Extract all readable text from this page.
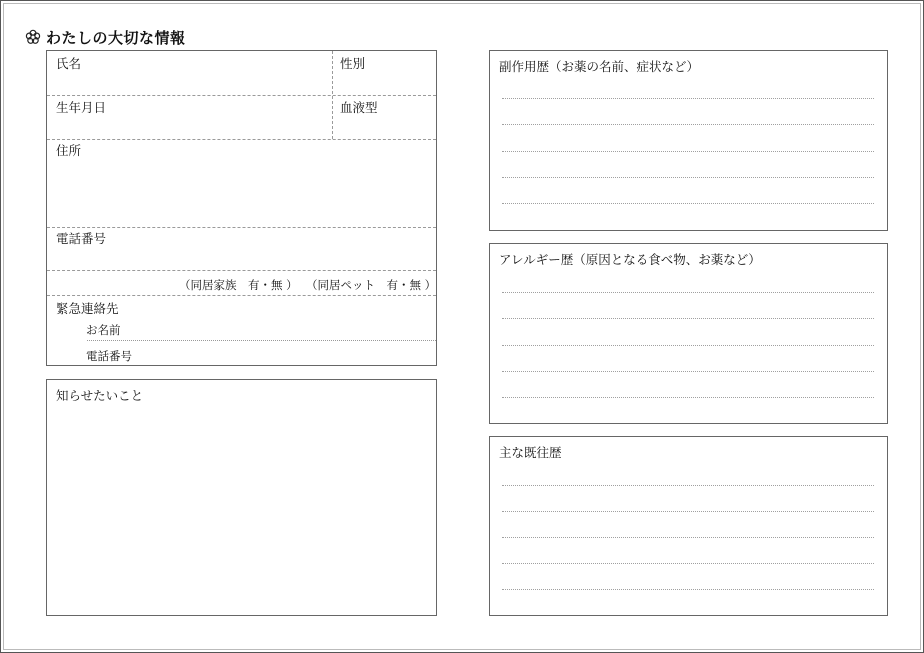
わたしの大切な情報
氏名	性別
生年月日	血液型
住所
電話番号
（同居家族　有・無 ） （同居ペット　有・無 ）
緊急連絡先
お名前
電話番号
知らせたいこと
副作用歴（お薬の名前、症状など）
アレルギー歴（原因となる食べ物、お薬など）
主な既往歴
